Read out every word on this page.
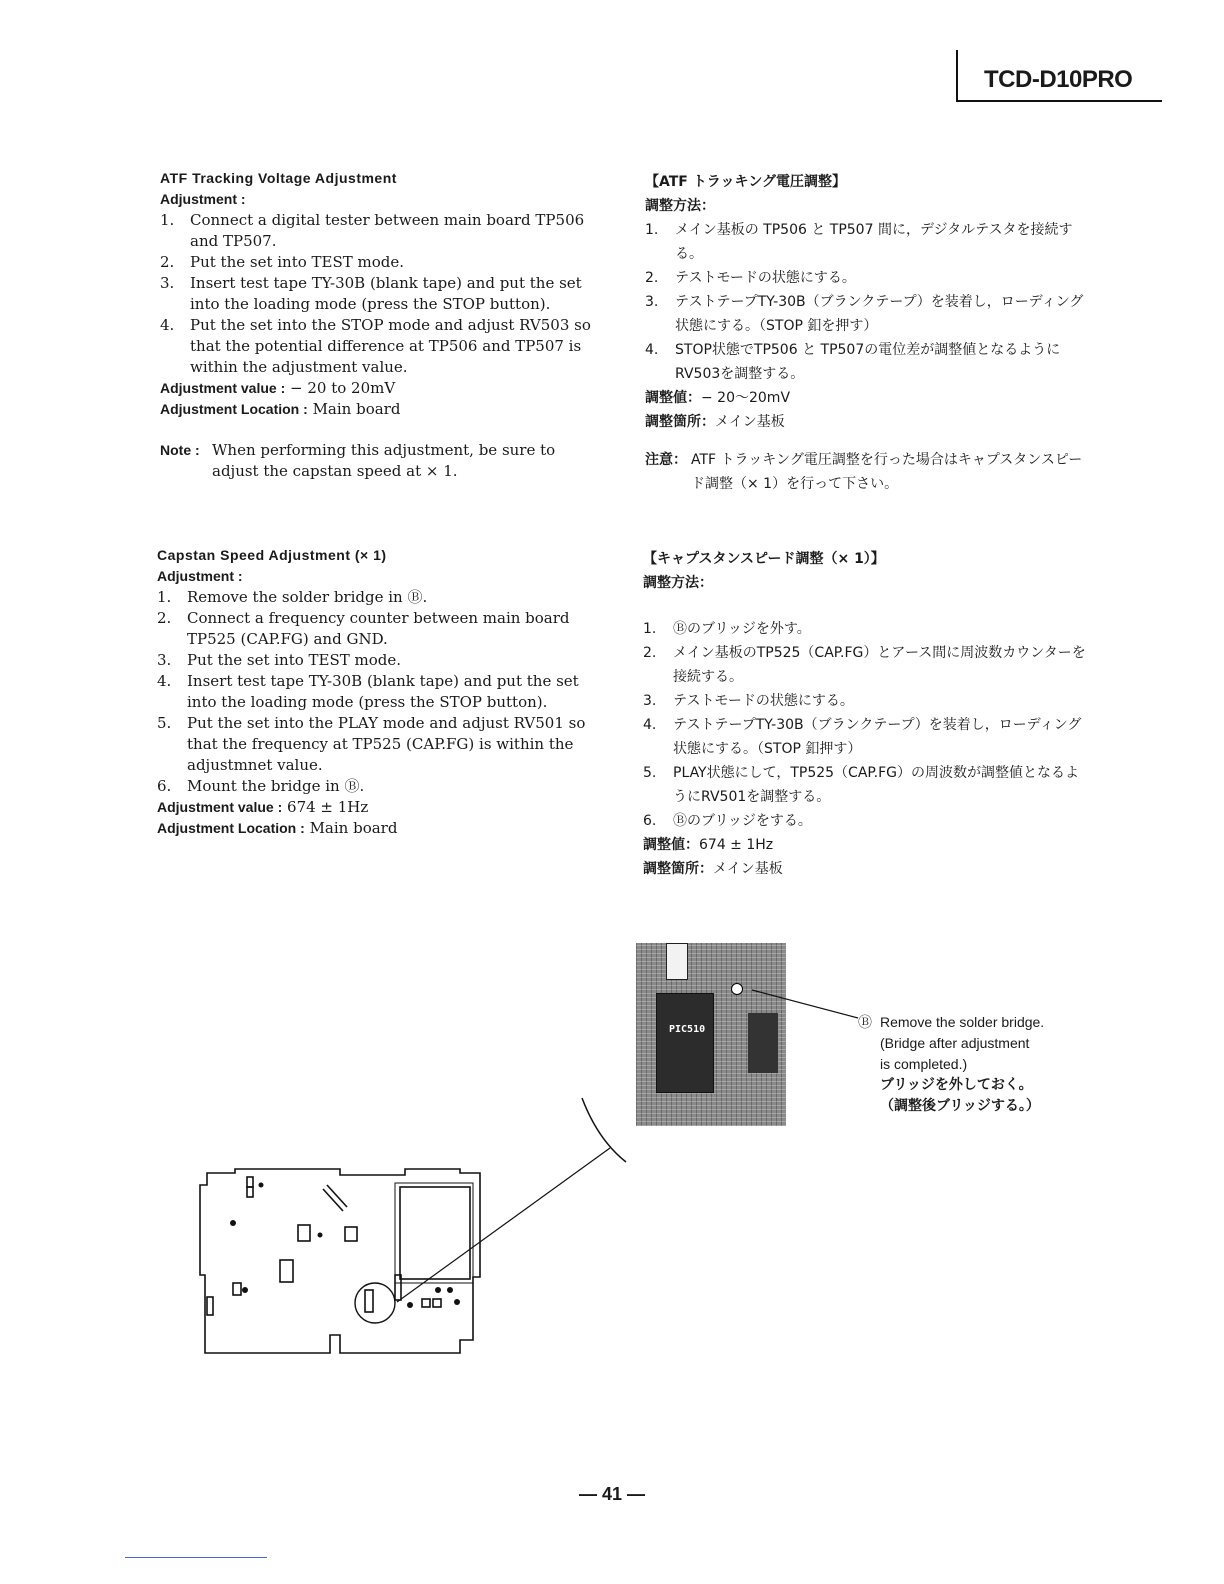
TCD-D10PRO
ATF Tracking Voltage Adjustment
Adjustment :
1.	Connect a digital tester between main board TP506 and TP507.
2.	Put the set into TEST mode.
3.	Insert test tape TY-30B (blank tape) and put the set into the loading mode (press the STOP button).
4.	Put the set into the STOP mode and adjust RV503 so that the potential difference at TP506 and TP507 is within the adjustment value.
Adjustment value : − 20 to 20mV
Adjustment Location : Main board
Note : When performing this adjustment, be sure to adjust the capstan speed at × 1.
【ATF トラッキング電圧調整】
調整方法：
1.	メイン基板の TP506 と TP507 間に，デジタルテスタを接続する。
2.	テストモードの状態にする。
3.	テストテープTY-30B（ブランクテープ）を装着し，ローディング状態にする。（STOP 釦を押す）
4.	STOP状態でTP506 と TP507の電位差が調整値となるように RV503を調整する。
調整値：− 20〜20mV
調整箇所：メイン基板
注意： ATF トラッキング電圧調整を行った場合はキャプスタンスピード調整（× 1）を行って下さい。
Capstan Speed Adjustment (× 1)
Adjustment :
1.	Remove the solder bridge in Ⓑ.
2.	Connect a frequency counter between main board TP525 (CAP.FG) and GND.
3.	Put the set into TEST mode.
4.	Insert test tape TY-30B (blank tape) and put the set into the loading mode (press the STOP button).
5.	Put the set into the PLAY mode and adjust RV501 so that the frequency at TP525 (CAP.FG) is within the adjustmnet value.
6.	Mount the bridge in Ⓑ.
Adjustment value : 674 ± 1Hz
Adjustment Location : Main board
【キャプスタンスピード調整（× 1）】
調整方法：
1.	Ⓑのブリッジを外す。
2.	メイン基板のTP525（CAP.FG）とアース間に周波数カウンターを接続する。
3.	テストモードの状態にする。
4.	テストテープTY-30B（ブランクテープ）を装着し，ローディング状態にする。（STOP 釦押す）
5.	PLAY状態にして，TP525（CAP.FG）の周波数が調整値となるようにRV501を調整する。
6.	Ⓑのブリッジをする。
調整値：674 ± 1Hz
調整箇所：メイン基板
PIC510	Ⓑ Remove the solder bridge.
(Bridge after adjustment
is completed.)
ブリッジを外しておく。
（調整後ブリッジする。）
— 41 —
